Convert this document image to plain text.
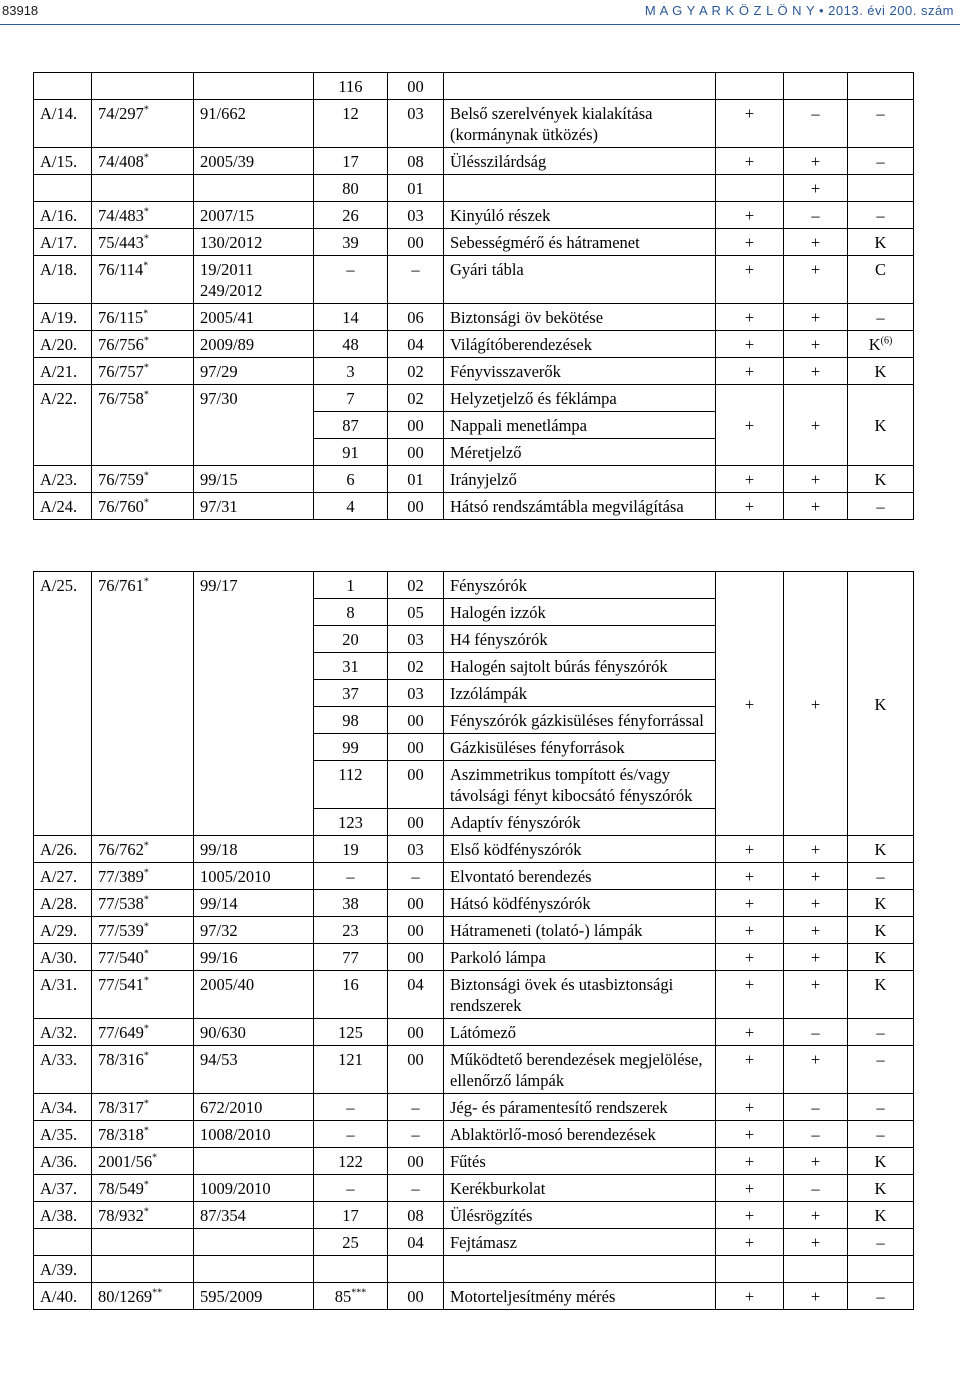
83918	M A G Y A R K Ö Z L Ö N Y • 2013. évi 200. szám
			116	00				
A/14.	74/297*	91/662	12	03	Belső szerelvények kialakítása (kormánynak ütközés)	+	–	–
A/15.	74/408*	2005/39	17	08	Ülésszilárdság	+	+	–
			80	01			+	
A/16.	74/483*	2007/15	26	03	Kinyúló részek	+	–	–
A/17.	75/443*	130/2012	39	00	Sebességmérő és hátramenet	+	+	K
A/18.	76/114*	19/2011 249/2012	–	–	Gyári tábla	+	+	C
A/19.	76/115*	2005/41	14	06	Biztonsági öv bekötése	+	+	–
A/20.	76/756*	2009/89	48	04	Világítóberendezések	+	+	$K^{(6)}$
A/21.	76/757*	97/29	3	02	Fényvisszaverők	+	+	K
A/22.	76/758*	97/30	7	02	Helyzetjelző és féklámpa	+	+	K
			87	00	Nappali menetlámpa			
			91	00	Méretjelző			
A/23.	76/759*	99/15	6	01	Irányjelző	+	+	K
A/24.	76/760*	97/31	4	00	Hátsó rendszámtábla megvilágítása	+	+	–
A/25.	76/761*	99/17	1	02	Fényszórók	+	+	K
			8	05	Halogén izzók			
			20	03	H4 fényszórók			
			31	02	Halogén sajtolt búrás fényszórók			
			37	03	Izzólámpák			
			98	00	Fényszórók gázkisüléses fényforrással			
			99	00	Gázkisüléses fényforrások			
			112	00	Aszimmetrikus tompított és/vagy távolsági fényt kibocsátó fényszórók			
			123	00	Adaptív fényszórók			
A/26.	76/762*	99/18	19	03	Első ködfényszórók	+	+	K
A/27.	77/389*	1005/2010	–	–	Elvontató berendezés	+	+	–
A/28.	77/538*	99/14	38	00	Hátsó ködfényszórók	+	+	K
A/29.	77/539*	97/32	23	00	Hátrameneti (tolató-) lámpák	+	+	K
A/30.	77/540*	99/16	77	00	Parkoló lámpa	+	+	K
A/31.	77/541*	2005/40	16	04	Biztonsági övek és utasbiztonsági rendszerek	+	+	K
A/32.	77/649*	90/630	125	00	Látómező	+	–	–
A/33.	78/316*	94/53	121	00	Működtető berendezések megjelölése, ellenőrző lámpák	+	+	–
A/34.	78/317*	672/2010	–	–	Jég- és páramentesítő rendszerek	+	–	–
A/35.	78/318*	1008/2010	–	–	Ablaktörlő-mosó berendezések	+	–	–
A/36.	2001/56*		122	00	Fűtés	+	+	K
A/37.	78/549*	1009/2010	–	–	Kerékburkolat	+	–	K
A/38.	78/932*	87/354	17	08	Ülésrögzítés	+	+	K
			25	04	Fejtámasz	+	+	–
A/39.								
A/40.	80/1269**	595/2009	85***	00	Motorteljesítmény mérés	+	+	–
